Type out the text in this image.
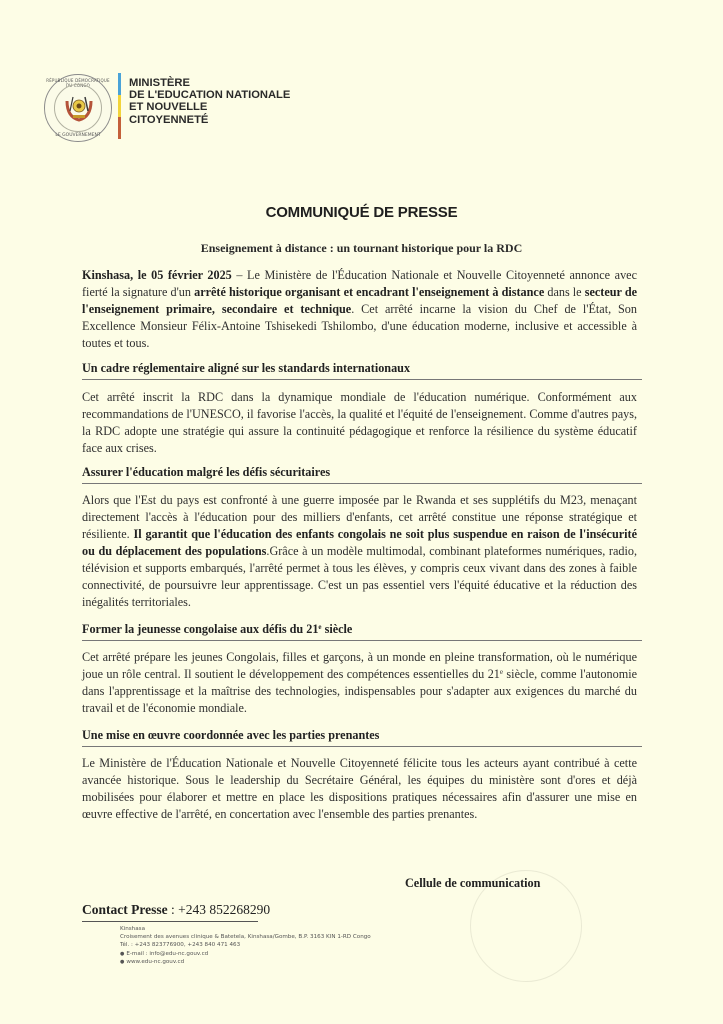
RÉPUBLIQUE DÉMOCRATIQUE DU CONGO
LE GOUVERNEMENT
MINISTÈRE
DE L'EDUCATION NATIONALE
ET NOUVELLE
CITOYENNETÉ
COMMUNIQUÉ DE PRESSE
Enseignement à distance : un tournant historique pour la RDC
Kinshasa, le 05 février 2025 – Le Ministère de l'Éducation Nationale et Nouvelle Citoyenneté annonce avec fierté la signature d'un arrêté historique organisant et encadrant l'enseignement à distance dans le secteur de l'enseignement primaire, secondaire et technique. Cet arrêté incarne la vision du Chef de l'État, Son Excellence Monsieur Félix-Antoine Tshisekedi Tshilombo, d'une éducation moderne, inclusive et accessible à toutes et tous.
Un cadre réglementaire aligné sur les standards internationaux
Cet arrêté inscrit la RDC dans la dynamique mondiale de l'éducation numérique. Conformément aux recommandations de l'UNESCO, il favorise l'accès, la qualité et l'équité de l'enseignement. Comme d'autres pays, la RDC adopte une stratégie qui assure la continuité pédagogique et renforce la résilience du système éducatif face aux crises.
Assurer l'éducation malgré les défis sécuritaires
Alors que l'Est du pays est confronté à une guerre imposée par le Rwanda et ses supplétifs du M23, menaçant directement l'accès à l'éducation pour des milliers d'enfants, cet arrêté constitue une réponse stratégique et résiliente. Il garantit que l'éducation des enfants congolais ne soit plus suspendue en raison de l'insécurité ou du déplacement des populations.Grâce à un modèle multimodal, combinant plateformes numériques, radio, télévision et supports embarqués, l'arrêté permet à tous les élèves, y compris ceux vivant dans des zones à faible connectivité, de poursuivre leur apprentissage. C'est un pas essentiel vers l'équité éducative et la réduction des inégalités territoriales.
Former la jeunesse congolaise aux défis du 21e siècle
Cet arrêté prépare les jeunes Congolais, filles et garçons, à un monde en pleine transformation, où le numérique joue un rôle central. Il soutient le développement des compétences essentielles du 21e siècle, comme l'autonomie dans l'apprentissage et la maîtrise des technologies, indispensables pour s'adapter aux exigences du marché du travail et de l'économie mondiale.
Une mise en œuvre coordonnée avec les parties prenantes
Le Ministère de l'Éducation Nationale et Nouvelle Citoyenneté félicite tous les acteurs ayant contribué à cette avancée historique. Sous le leadership du Secrétaire Général, les équipes du ministère sont d'ores et déjà mobilisées pour élaborer et mettre en place les dispositions pratiques nécessaires afin d'assurer une mise en œuvre effective de l'arrêté, en concertation avec l'ensemble des parties prenantes.
Cellule de communication
Contact Presse : +243 852268290
Kinshasa
Croisement des avenues clinique & Batetela, Kinshasa/Gombe, B.P. 3163 KIN 1-RD Congo
Tél. : +243 823776900, +243 840 471 463
● E-mail : info@edu-nc.gouv.cd
● www.edu-nc.gouv.cd
